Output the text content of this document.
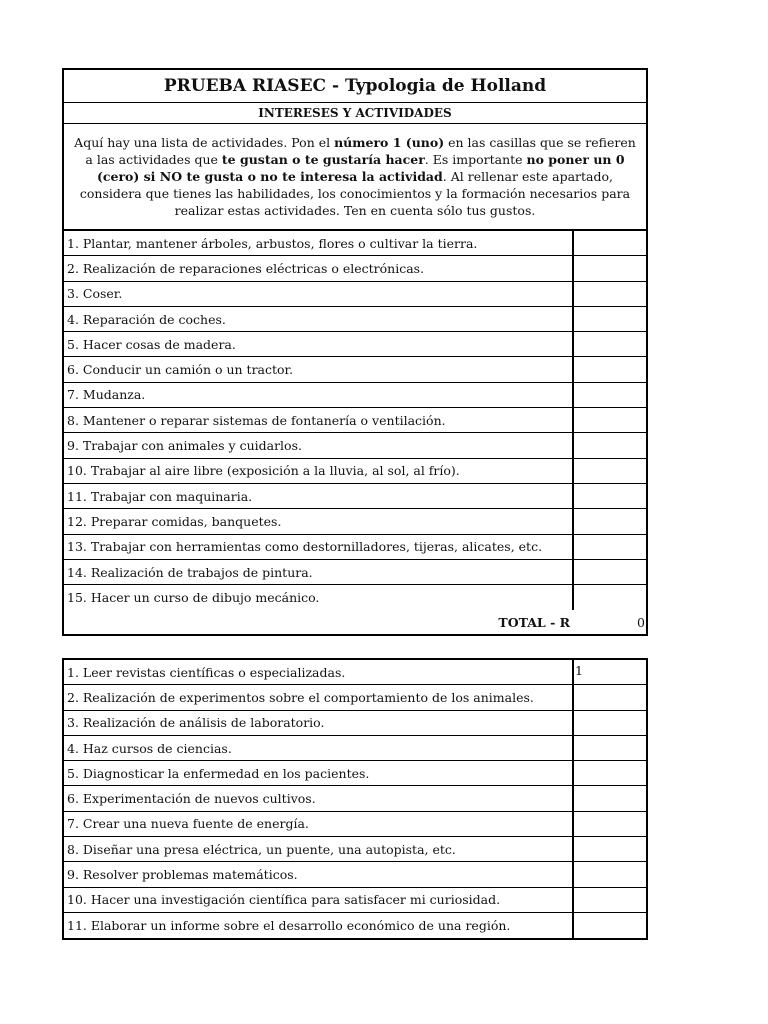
PRUEBA RIASEC - Typologia de Holland
INTERESES Y ACTIVIDADES
Aquí hay una lista de actividades. Pon el número 1 (uno) en las casillas que se refieren a las actividades que te gustan o te gustaría hacer. Es importante no poner un 0 (cero) si NO te gusta o no te interesa la actividad. Al rellenar este apartado, considera que tienes las habilidades, los conocimientos y la formación necesarios para realizar estas actividades. Ten en cuenta sólo tus gustos.
1. Plantar, mantener árboles, arbustos, flores o cultivar la tierra.
2. Realización de reparaciones eléctricas o electrónicas.
3. Coser.
4. Reparación de coches.
5. Hacer cosas de madera.
6. Conducir un camión o un tractor.
7. Mudanza.
8. Mantener o reparar sistemas de fontanería o ventilación.
9. Trabajar con animales y cuidarlos.
10. Trabajar al aire libre (exposición a la lluvia, al sol, al frío).
11. Trabajar con maquinaria.
12. Preparar comidas, banquetes.
13. Trabajar con herramientas como destornilladores, tijeras, alicates, etc.
14. Realización de trabajos de pintura.
15. Hacer un curso de dibujo mecánico.
TOTAL - R	0
1. Leer revistas científicas o especializadas.	1
2. Realización de experimentos sobre el comportamiento de los animales.
3. Realización de análisis de laboratorio.
4. Haz cursos de ciencias.
5. Diagnosticar la enfermedad en los pacientes.
6. Experimentación de nuevos cultivos.
7. Crear una nueva fuente de energía.
8. Diseñar una presa eléctrica, un puente, una autopista, etc.
9. Resolver problemas matemáticos.
10. Hacer una investigación científica para satisfacer mi curiosidad.
11. Elaborar un informe sobre el desarrollo económico de una región.
